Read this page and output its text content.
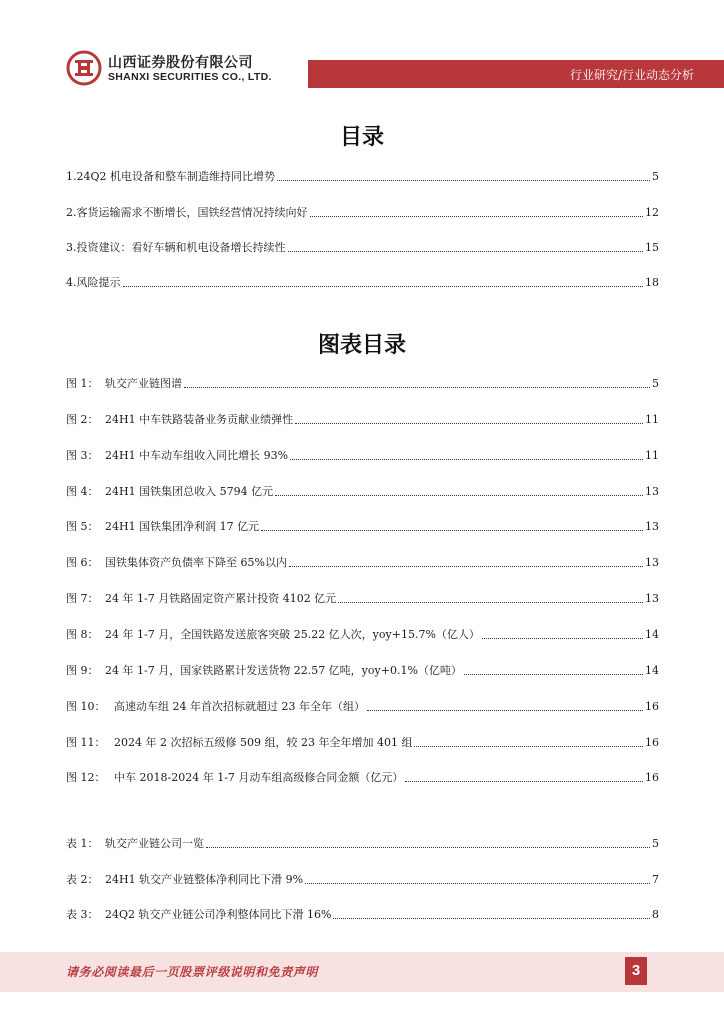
山西证券股份有限公司
SHANXI SECURITIES CO., LTD.	行业研究/行业动态分析
目录
1.24Q2 机电设备和整车制造维持同比增势	5
2.客货运输需求不断增长，国铁经营情况持续向好	12
3.投资建议：看好车辆和机电设备增长持续性	15
4.风险提示	18
图表目录
图 1： 轨交产业链图谱	5
图 2： 24H1 中车铁路装备业务贡献业绩弹性	11
图 3： 24H1 中车动车组收入同比增长 93%	11
图 4： 24H1 国铁集团总收入 5794 亿元	13
图 5： 24H1 国铁集团净利润 17 亿元	13
图 6： 国铁集体资产负债率下降至 65%以内	13
图 7： 24 年 1-7 月铁路固定资产累计投资 4102 亿元	13
图 8： 24 年 1-7 月，全国铁路发送旅客突破 25.22 亿人次，yoy+15.7%（亿人）	14
图 9： 24 年 1-7 月，国家铁路累计发送货物 22.57 亿吨，yoy+0.1%（亿吨）	14
图 10： 高速动车组 24 年首次招标就超过 23 年全年（组）	16
图 11： 2024 年 2 次招标五级修 509 组，较 23 年全年增加 401 组	16
图 12： 中车 2018-2024 年 1-7 月动车组高级修合同金额（亿元）	16
表 1： 轨交产业链公司一览	5
表 2： 24H1 轨交产业链整体净利同比下滑 9%	7
表 3： 24Q2 轨交产业链公司净利整体同比下滑 16%	8
请务必阅读最后一页股票评级说明和免责声明	3
